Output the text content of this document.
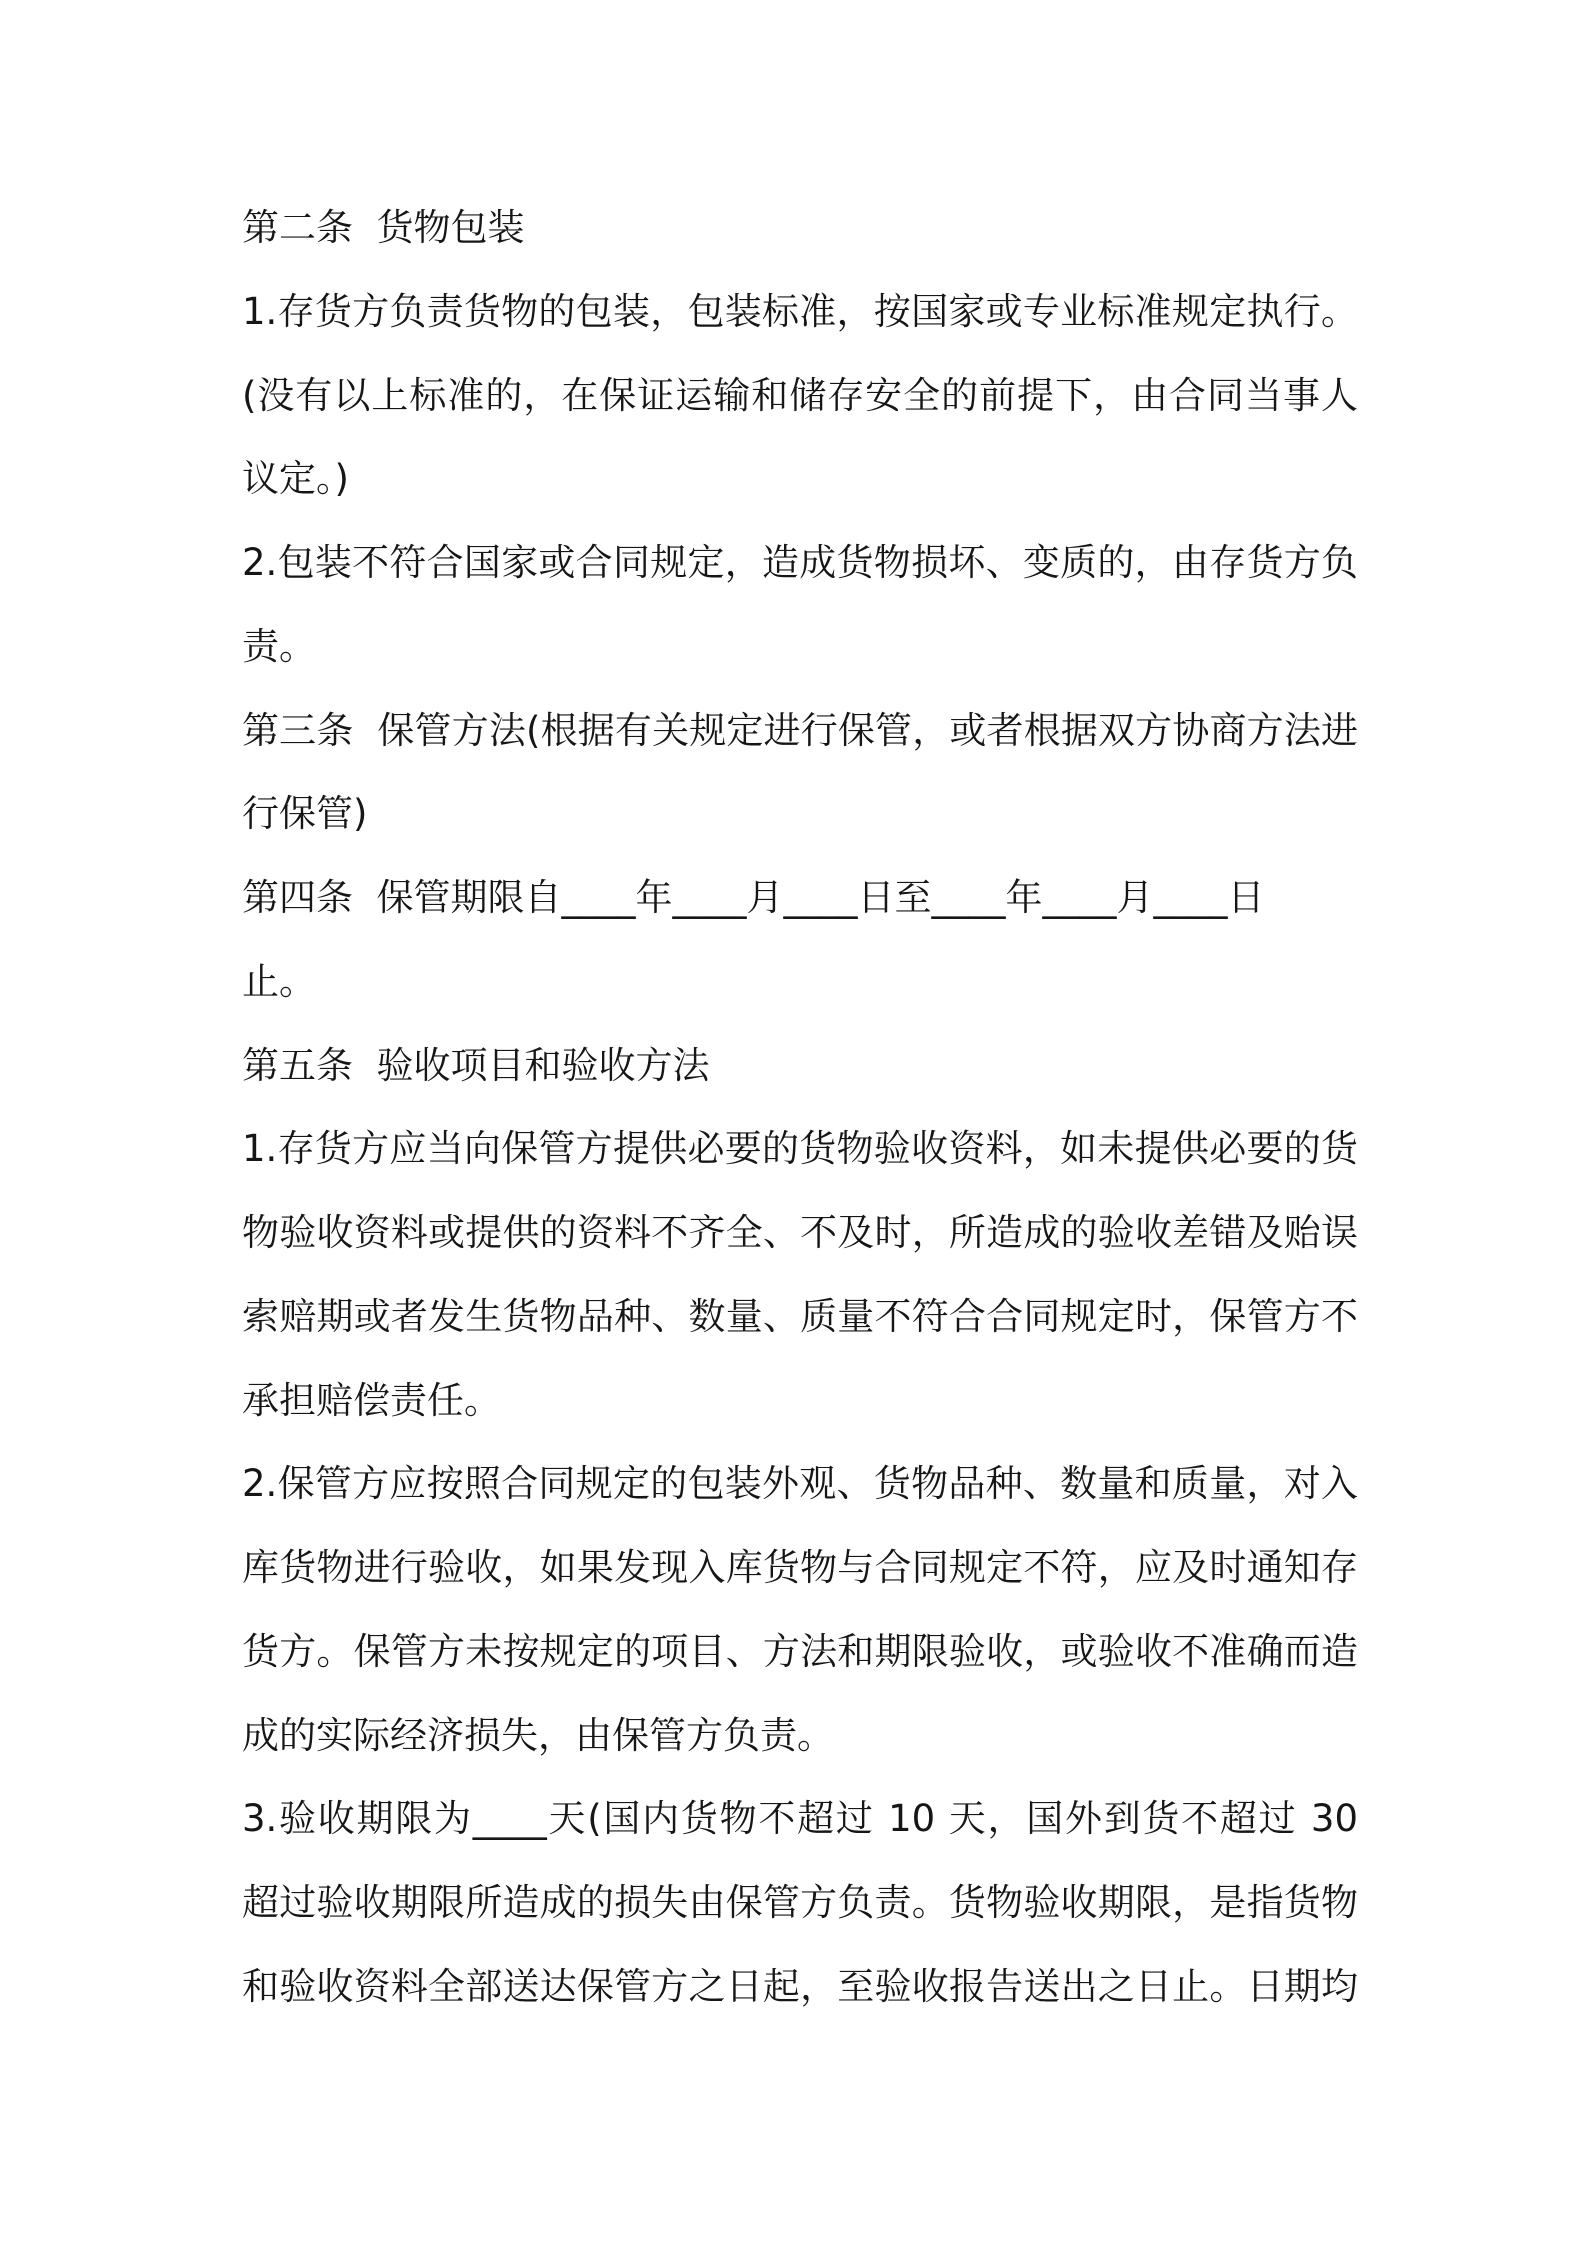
第二条  货物包装
1.存货方负责货物的包装，包装标准，按国家或专业标准规定执行。
(没有以上标准的，在保证运输和储存安全的前提下，由合同当事人
议定。)
2.包装不符合国家或合同规定，造成货物损坏、变质的，由存货方负
责。
第三条  保管方法(根据有关规定进行保管，或者根据双方协商方法进
行保管)
第四条  保管期限自____年____月____日至____年____月____日
止。
第五条  验收项目和验收方法
1.存货方应当向保管方提供必要的货物验收资料，如未提供必要的货
物验收资料或提供的资料不齐全、不及时，所造成的验收差错及贻误
索赔期或者发生货物品种、数量、质量不符合合同规定时，保管方不
承担赔偿责任。
2.保管方应按照合同规定的包装外观、货物品种、数量和质量，对入
库货物进行验收，如果发现入库货物与合同规定不符，应及时通知存
货方。保管方未按规定的项目、方法和期限验收，或验收不准确而造
成的实际经济损失，由保管方负责。
3.验收期限为____天(国内货物不超过 10 天，国外到货不超过 30
超过验收期限所造成的损失由保管方负责。货物验收期限，是指货物
和验收资料全部送达保管方之日起，至验收报告送出之日止。日期均
